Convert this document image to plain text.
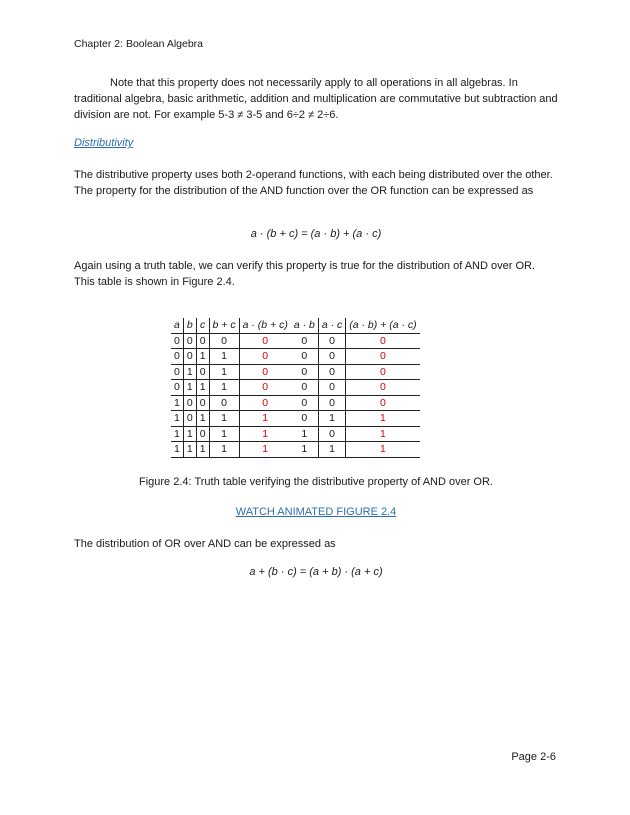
Chapter 2: Boolean Algebra
Note that this property does not necessarily apply to all operations in all algebras. In traditional algebra, basic arithmetic, addition and multiplication are commutative but subtraction and division are not. For example 5-3 ≠ 3-5 and 6÷2 ≠ 2÷6.
Distributivity
The distributive property uses both 2-operand functions, with each being distributed over the other. The property for the distribution of the AND function over the OR function can be expressed as
a · (b + c) = (a · b) + (a · c)
Again using a truth table, we can verify this property is true for the distribution of AND over OR. This table is shown in Figure 2.4.
a	b	c	b + c	a · (b + c)	a · b	a · c	(a · b) + (a · c)
0	0	0	0	0	0	0	0
0	0	1	1	0	0	0	0
0	1	0	1	0	0	0	0
0	1	1	1	0	0	0	0
1	0	0	0	0	0	0	0
1	0	1	1	1	0	1	1
1	1	0	1	1	1	0	1
1	1	1	1	1	1	1	1
Figure 2.4: Truth table verifying the distributive property of AND over OR.
WATCH ANIMATED FIGURE 2.4
The distribution of OR over AND can be expressed as
a + (b · c) = (a + b) · (a + c)
Page 2-6
